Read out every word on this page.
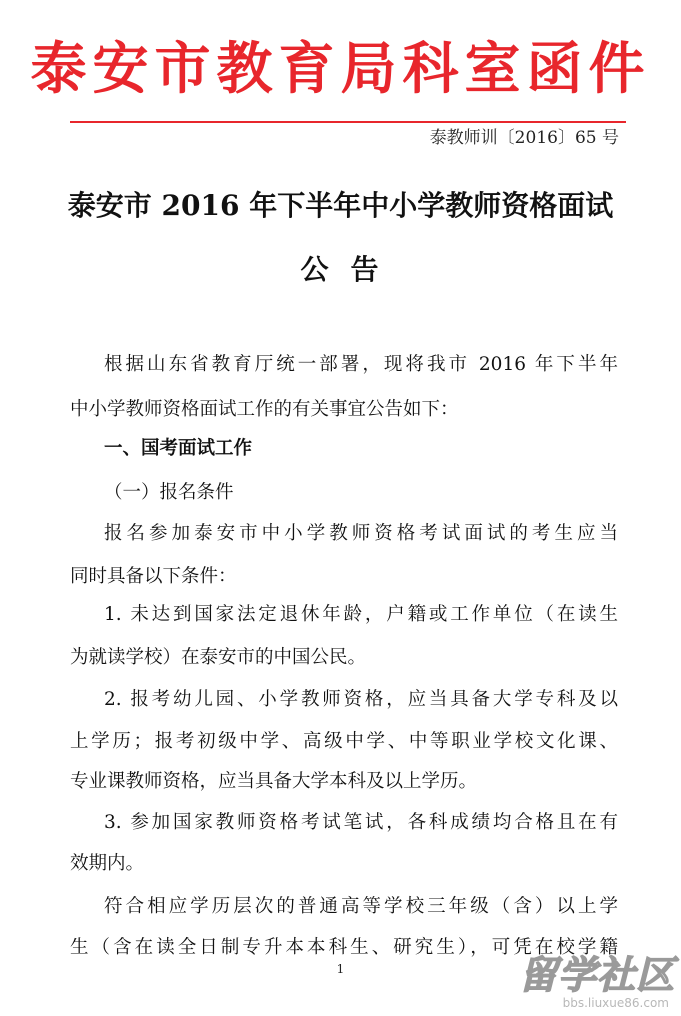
泰安市教育局科室函件
泰教师训〔2016〕65 号
泰安市 2016 年下半年中小学教师资格面试
公告
根据山东省教育厅统一部署，现将我市 2016 年下半年
中小学教师资格面试工作的有关事宜公告如下：
一、国考面试工作
（一）报名条件
报名参加泰安市中小学教师资格考试面试的考生应当
同时具备以下条件：
1. 未达到国家法定退休年龄，户籍或工作单位（在读生
为就读学校）在泰安市的中国公民。
2. 报考幼儿园、小学教师资格，应当具备大学专科及以
上学历；报考初级中学、高级中学、中等职业学校文化课、
专业课教师资格，应当具备大学本科及以上学历。
3. 参加国家教师资格考试笔试，各科成绩均合格且在有
效期内。
符合相应学历层次的普通高等学校三年级（含）以上学
生（含在读全日制专升本本科生、研究生），可凭在校学籍
1	留学社区
bbs.liuxue86.com
